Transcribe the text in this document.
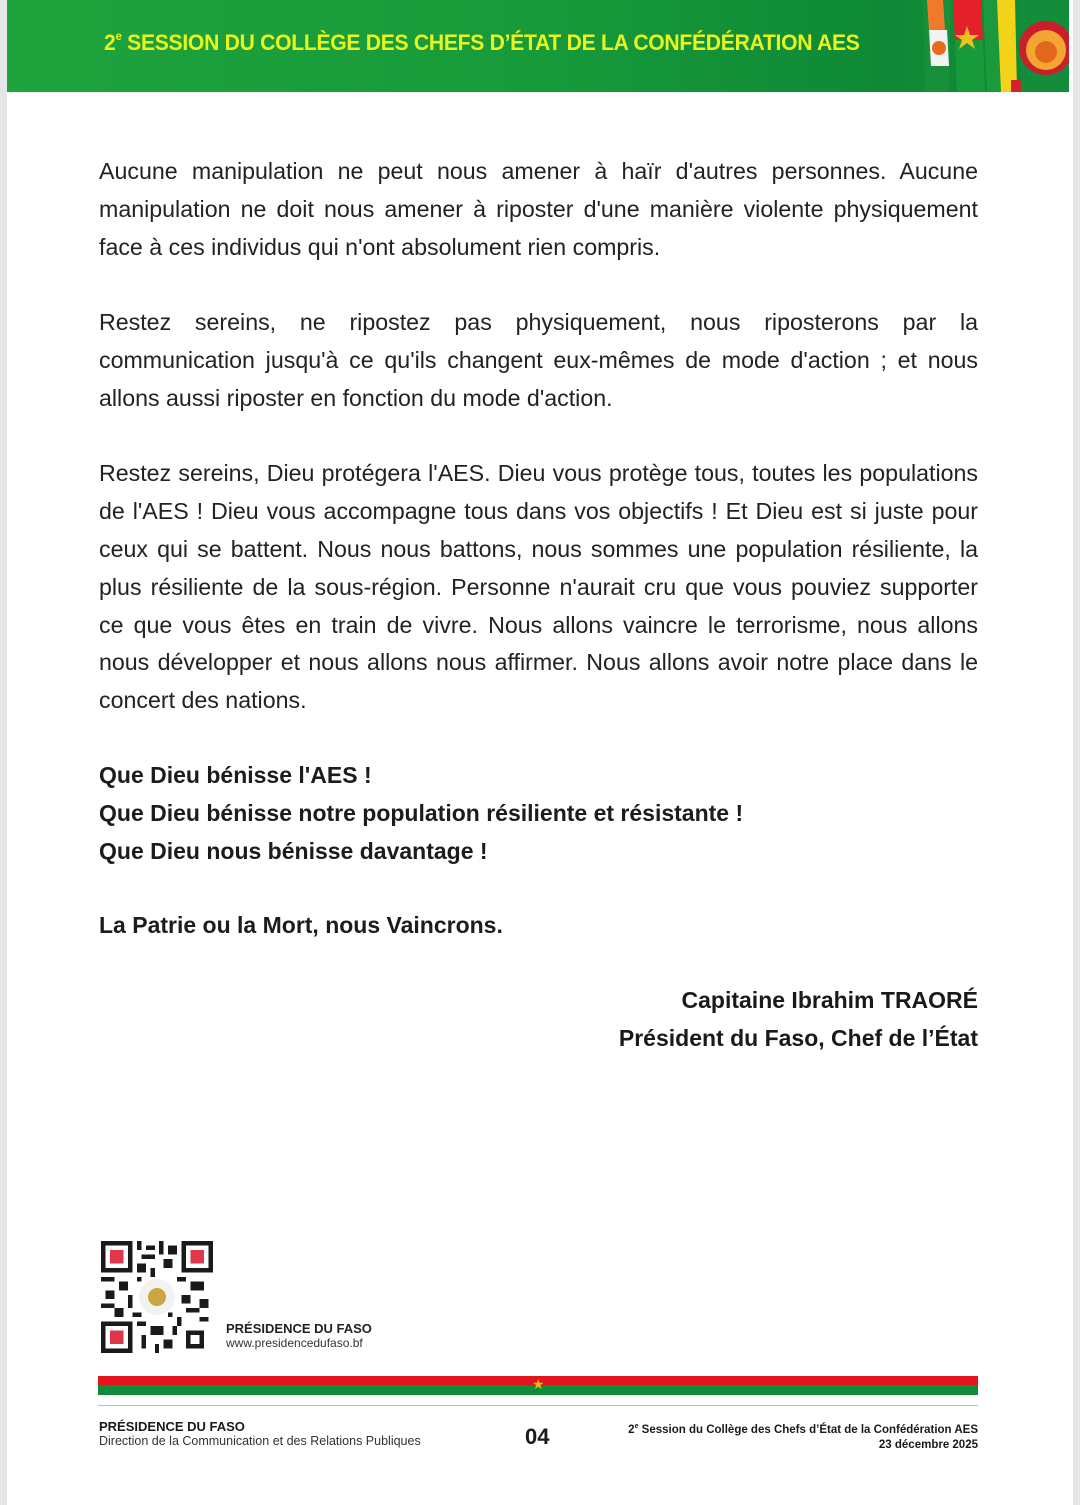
2e SESSION DU COLLÈGE DES CHEFS D’ÉTAT DE LA CONFÉDÉRATION AES

Aucune manipulation ne peut nous amener à haïr d'autres personnes. Aucune manipulation ne doit nous amener à riposter d'une manière violente physiquement face à ces individus qui n'ont absolument rien compris.

Restez sereins, ne ripostez pas physiquement, nous riposterons par la communication jusqu'à ce qu'ils changent eux-mêmes de mode d'action ; et nous allons aussi riposter en fonction du mode d'action.

Restez sereins, Dieu protégera l'AES. Dieu vous protège tous, toutes les populations de l'AES ! Dieu vous accompagne tous dans vos objectifs ! Et Dieu est si juste pour ceux qui se battent. Nous nous battons, nous sommes une population résiliente, la plus résiliente de la sous-région. Personne n'aurait cru que vous pouviez supporter ce que vous êtes en train de vivre. Nous allons vaincre le terrorisme, nous allons nous développer et nous allons nous affirmer. Nous allons avoir notre place dans le concert des nations.

Que Dieu bénisse l'AES !
Que Dieu bénisse notre population résiliente et résistante !
Que Dieu nous bénisse davantage !
La Patrie ou la Mort, nous Vaincrons.
Capitaine Ibrahim TRAORÉ
Président du Faso, Chef de l’État
PRÉSIDENCE DU FASO
www.presidencedufaso.bf
★
PRÉSIDENCE DU FASO
Direction de la Communication et des Relations Publiques	04	2e Session du Collège des Chefs d’État de la Confédération AES
23 décembre 2025
